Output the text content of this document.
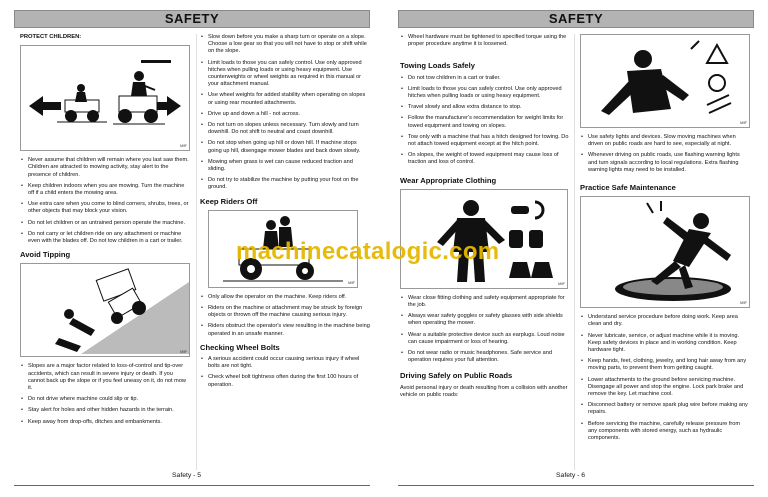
SAFETY
PROTECT CHILDREN:
MIF

• Never assume that children will remain where you last saw them. Children are attracted to mowing activity, stay alert to the presence of children.

• Keep children indoors when you are mowing. Turn the machine off if a child enters the mowing area.

• Use extra care when you come to blind corners, shrubs, trees, or other objects that may block your vision.

• Do not let children or an untrained person operate the machine.

• Do not carry or let children ride on any attachment or machine even with the blades off. Do not tow children in a cart or trailer.

Avoid Tipping
MIF

• Slopes are a major factor related to loss-of-control and tip-over accidents, which can result in severe injury or death. If you cannot back up the slope or if you feel uneasy on it, do not mow it.

• Do not drive where machine could slip or tip.

• Stay alert for holes and other hidden hazards in the terrain.

• Keep away from drop-offs, ditches and embankments.

• Slow down before you make a sharp turn or operate on a slope. Choose a low gear so that you will not have to stop or shift while on the slope.

• Limit loads to those you can safely control. Use only approved hitches when pulling loads or using heavy equipment. Use counterweights or wheel weights as required in this manual or your attachment manual.

• Use wheel weights for added stability when operating on slopes or using rear mounted attachments.

• Drive up and down a hill - not across.

• Do not turn on slopes unless necessary. Turn slowly and turn downhill. Do not shift to neutral and coast downhill.

• Do not stop when going up hill or down hill. If machine stops going up hill, disengage mower blades and back down slowly.

• Mowing when grass is wet can cause reduced traction and sliding.

• Do not try to stabilize the machine by putting your foot on the ground.

Keep Riders Off
MIF

• Only allow the operator on the machine. Keep riders off.

• Riders on the machine or attachment may be struck by foreign objects or thrown off the machine causing serious injury.

• Riders obstruct the operator's view resulting in the machine being operated in an unsafe manner.

Checking Wheel Bolts

• A serious accident could occur causing serious injury if wheel bolts are not tight.

• Check wheel bolt tightness often during the first 100 hours of operation.

Safety - 5
SAFETY

• Wheel hardware must be tightened to specified torque using the proper procedure anytime it is loosened.

Towing Loads Safely

• Do not tow children in a cart or trailer.

• Limit loads to those you can safely control. Use only approved hitches when pulling loads or using heavy equipment.

• Travel slowly and allow extra distance to stop.

• Follow the manufacturer's recommendation for weight limits for towed equipment and towing on slopes.

• Tow only with a machine that has a hitch designed for towing. Do not attach towed equipment except at the hitch point.

• On slopes, the weight of towed equipment may cause loss of traction and loss of control.

Wear Appropriate Clothing
MIF

• Wear close fitting clothing and safety equipment appropriate for the job.

• Always wear safety goggles or safety glasses with side shields when operating the mower.

• Wear a suitable protective device such as earplugs. Loud noise can cause impairment or loss of hearing.

• Do not wear radio or music headphones. Safe service and operation requires your full attention.

Driving Safely on Public Roads

Avoid personal injury or death resulting from a collision with another vehicle on public roads:

MIF

• Use safety lights and devices. Slow moving machines when driven on public roads are hard to see, especially at night.

• Whenever driving on public roads, use flashing warning lights and turn signals according to local regulations. Extra flashing warning lights may need to be installed.

Practice Safe Maintenance
MIF

• Understand service procedure before doing work. Keep area clean and dry.

• Never lubricate, service, or adjust machine while it is moving. Keep safety devices in place and in working condition. Keep hardware tight.

• Keep hands, feet, clothing, jewelry, and long hair away from any moving parts, to prevent them from getting caught.

• Lower attachments to the ground before servicing machine. Disengage all power and stop the engine. Lock park brake and remove the key. Let machine cool.

• Disconnect battery or remove spark plug wire before making any repairs.

• Before servicing the machine, carefully release pressure from any components with stored energy, such as hydraulic components.

Safety - 6
machinecatalogic.com
